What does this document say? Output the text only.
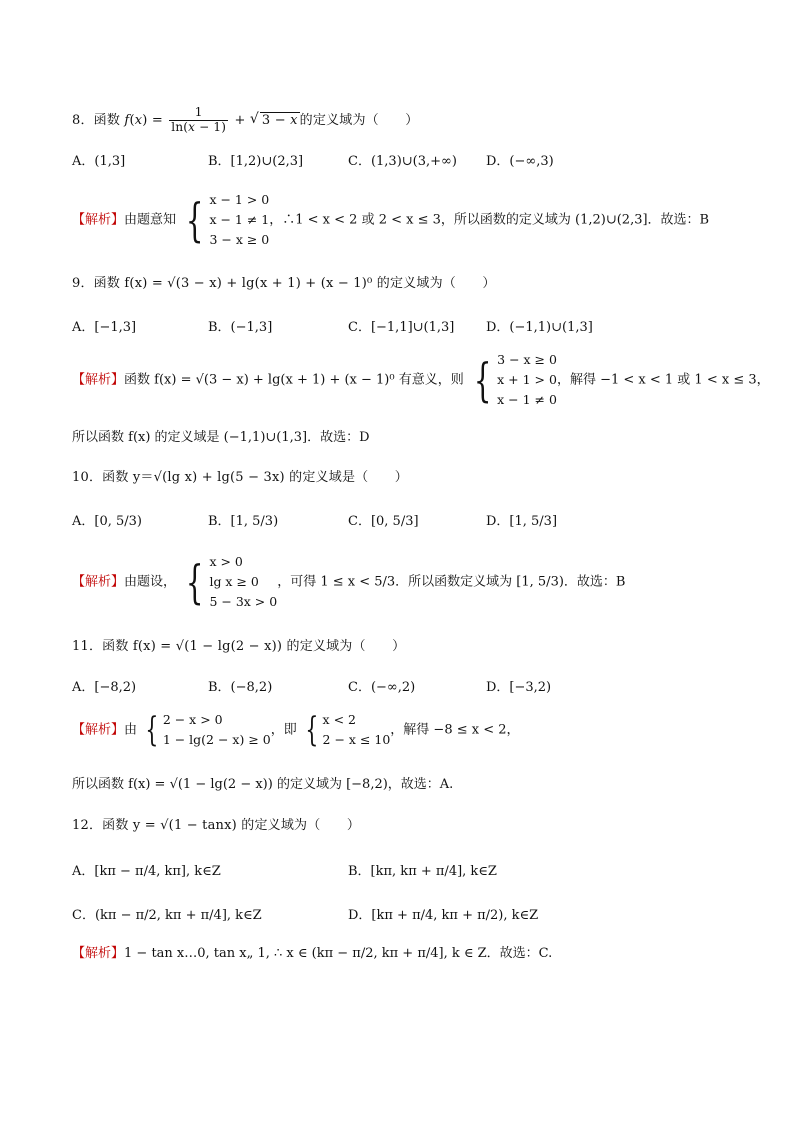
8．函数 $f(x) = \frac{1}{\ln(x - 1)}$ + √ 3 − x 的定义域为（　　）
A．(1,3]	B．[1,2)∪(2,3]	C．(1,3)∪(3,+∞) D．(−∞,3)
【解析】由题意知 { x − 1 > 0
x − 1 ≠ 1
3 − x ≥ 0
，∴1 < x < 2 或 2 < x ≤ 3，所以函数的定义域为 (1,2)∪(2,3]．故选：B
9．函数 f(x) = √(3 − x) + lg(x + 1) + (x − 1)⁰ 的定义域为（　　）
A．[−1,3]	B．(−1,3]	C．[−1,1]∪(1,3] D．(−1,1)∪(1,3]
【解析】函数 f(x) = √(3 − x) + lg(x + 1) + (x − 1)⁰ 有意义，则 { 3 − x ≥ 0
x + 1 > 0
x − 1 ≠ 0
，解得 −1 < x < 1 或 1 < x ≤ 3，
所以函数 f(x) 的定义域是 (−1,1)∪(1,3]．故选：D
10．函数 y＝√(lg x) + lg(5 − 3x) 的定义域是（　　）
A．[0, 5/3)	B．[1, 5/3)	C．[0, 5/3]	D．[1, 5/3]
【解析】由题设， { x > 0
lg x ≥ 0
5 − 3x > 0
，可得 1 ≤ x < 5/3．所以函数定义域为 [1, 5/3)．故选：B
11．函数 f(x) = √(1 − lg(2 − x)) 的定义域为（　　）
A．[−8,2)	B．(−8,2)	C．(−∞,2)	D．[−3,2)
【解析】由 { 2 − x > 0
1 − lg(2 − x) ≥ 0
，即 { x < 2
2 − x ≤ 10
，解得 −8 ≤ x < 2，
所以函数 f(x) = √(1 − lg(2 − x)) 的定义域为 [−8,2)，故选：A.
12．函数 y = √(1 − tanx) 的定义域为（　　）
A．[kπ − π/4, kπ], k∈Z	B．[kπ, kπ + π/4], k∈Z
C．(kπ − π/2, kπ + π/4], k∈Z	D．[kπ + π/4, kπ + π/2), k∈Z
【解析】1 − tan x…0, tan x„ 1, ∴ x ∈ (kπ − π/2, kπ + π/4], k ∈ Z．故选：C.
